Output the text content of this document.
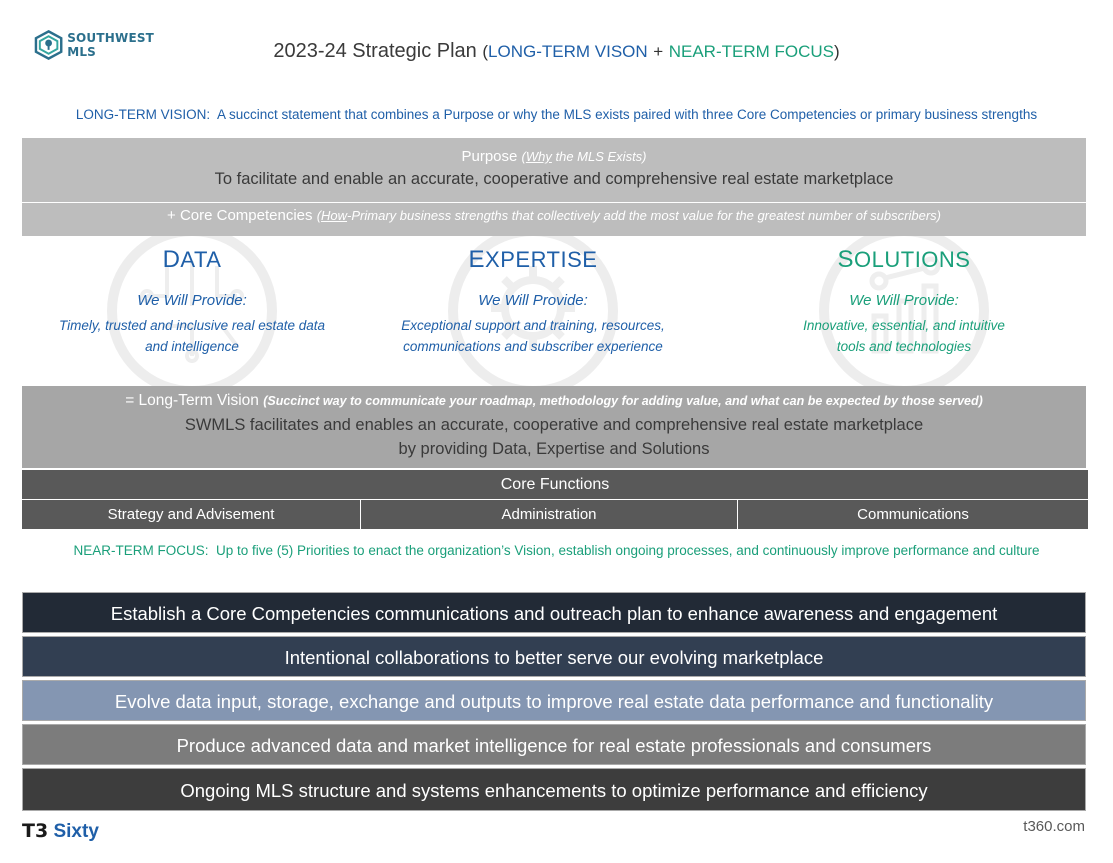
SOUTHWEST MLS	2023-24 Strategic Plan (LONG-TERM VISON + NEAR-TERM FOCUS)
LONG-TERM VISION: A succinct statement that combines a Purpose or why the MLS exists paired with three Core Competencies or primary business strengths
Purpose (Why the MLS Exists)
To facilitate and enable an accurate, cooperative and comprehensive real estate marketplace
+ Core Competencies (How-Primary business strengths that collectively add the most value for the greatest number of subscribers)
DATA
We Will Provide:
Timely, trusted and inclusive real estate data
and intelligence
EXPERTISE
We Will Provide:
Exceptional support and training, resources,
communications and subscriber experience
SOLUTIONS
We Will Provide:
Innovative, essential, and intuitive
tools and technologies
= Long-Term Vision (Succinct way to communicate your roadmap, methodology for adding value, and what can be expected by those served)
SWMLS facilitates and enables an accurate, cooperative and comprehensive real estate marketplace
by providing Data, Expertise and Solutions
Core Functions
Strategy and Advisement	Administration	Communications
NEAR-TERM FOCUS: Up to five (5) Priorities to enact the organization’s Vision, establish ongoing processes, and continuously improve performance and culture
Establish a Core Competencies communications and outreach plan to enhance awareness and engagement
Intentional collaborations to better serve our evolving marketplace
Evolve data input, storage, exchange and outputs to improve real estate data performance and functionality
Produce advanced data and market intelligence for real estate professionals and consumers
Ongoing MLS structure and systems enhancements to optimize performance and efficiency
T3 Sixty	t360.com
